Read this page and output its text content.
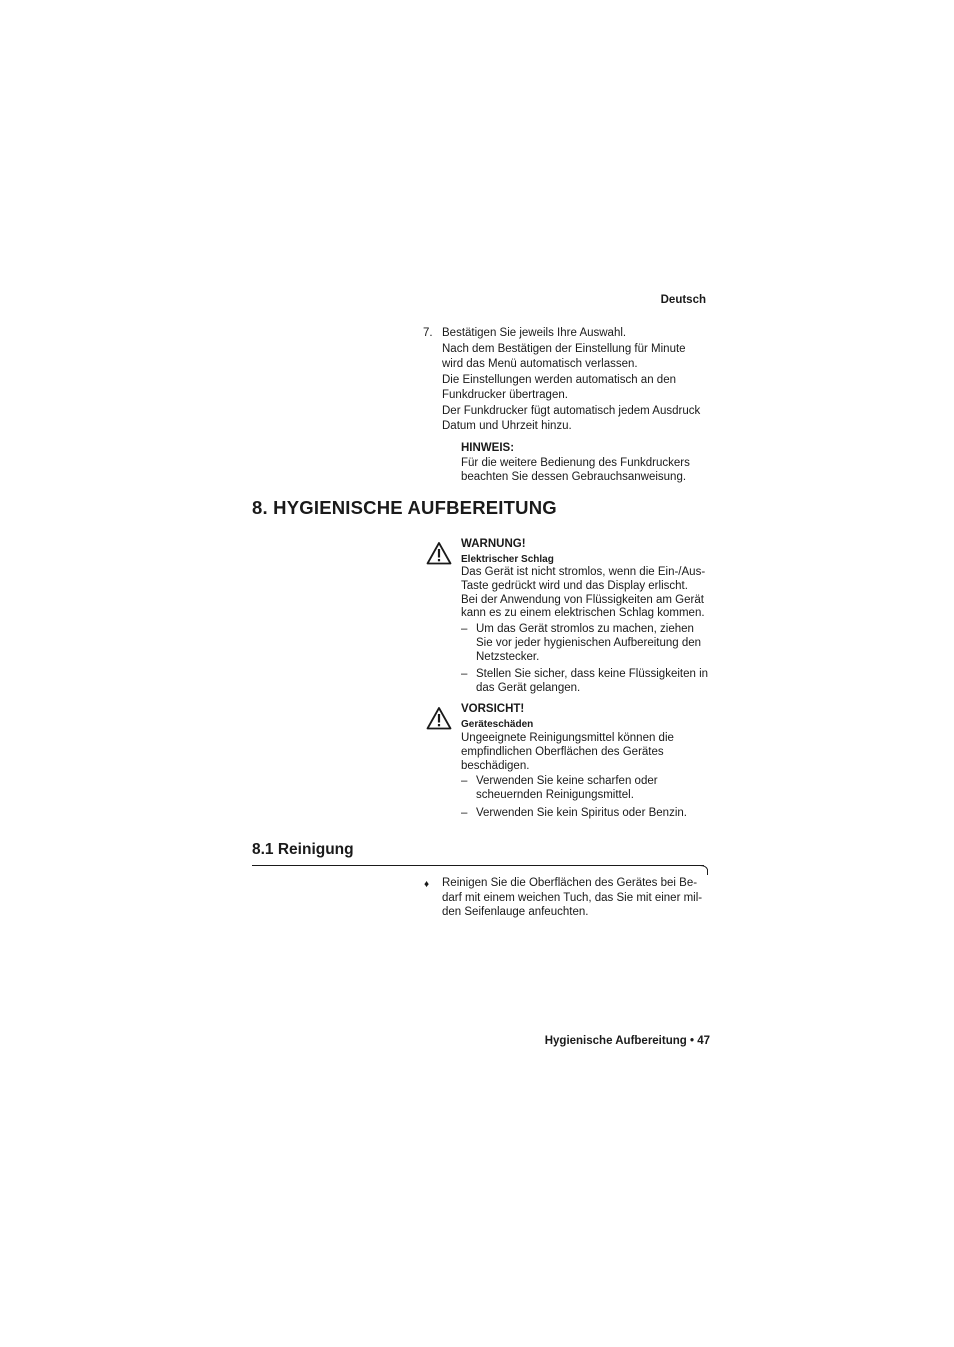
Deutsch
7. Bestätigen Sie jeweils Ihre Auswahl.
Nach dem Bestätigen der Einstellung für Minute
wird das Menü automatisch verlassen.
Die Einstellungen werden automatisch an den
Funkdrucker übertragen.
Der Funkdrucker fügt automatisch jedem Ausdruck
Datum und Uhrzeit hinzu.
HINWEIS:
Für die weitere Bedienung des Funkdruckers
beachten Sie dessen Gebrauchsanweisung.
8. HYGIENISCHE AUFBEREITUNG
WARNUNG!
Elektrischer Schlag
Das Gerät ist nicht stromlos, wenn die Ein-/Aus-
Taste gedrückt wird und das Display erlischt.
Bei der Anwendung von Flüssigkeiten am Gerät
kann es zu einem elektrischen Schlag kommen.
– Um das Gerät stromlos zu machen, ziehen
Sie vor jeder hygienischen Aufbereitung den
Netzstecker.
– Stellen Sie sicher, dass keine Flüssigkeiten in
das Gerät gelangen.
VORSICHT!
Geräteschäden
Ungeeignete Reinigungsmittel können die
empfindlichen Oberflächen des Gerätes
beschädigen.
– Verwenden Sie keine scharfen oder
scheuernden Reinigungsmittel.
– Verwenden Sie kein Spiritus oder Benzin.
8.1 Reinigung
♦ Reinigen Sie die Oberflächen des Gerätes bei Be-
darf mit einem weichen Tuch, das Sie mit einer mil-
den Seifenlauge anfeuchten.
Hygienische Aufbereitung • 47
